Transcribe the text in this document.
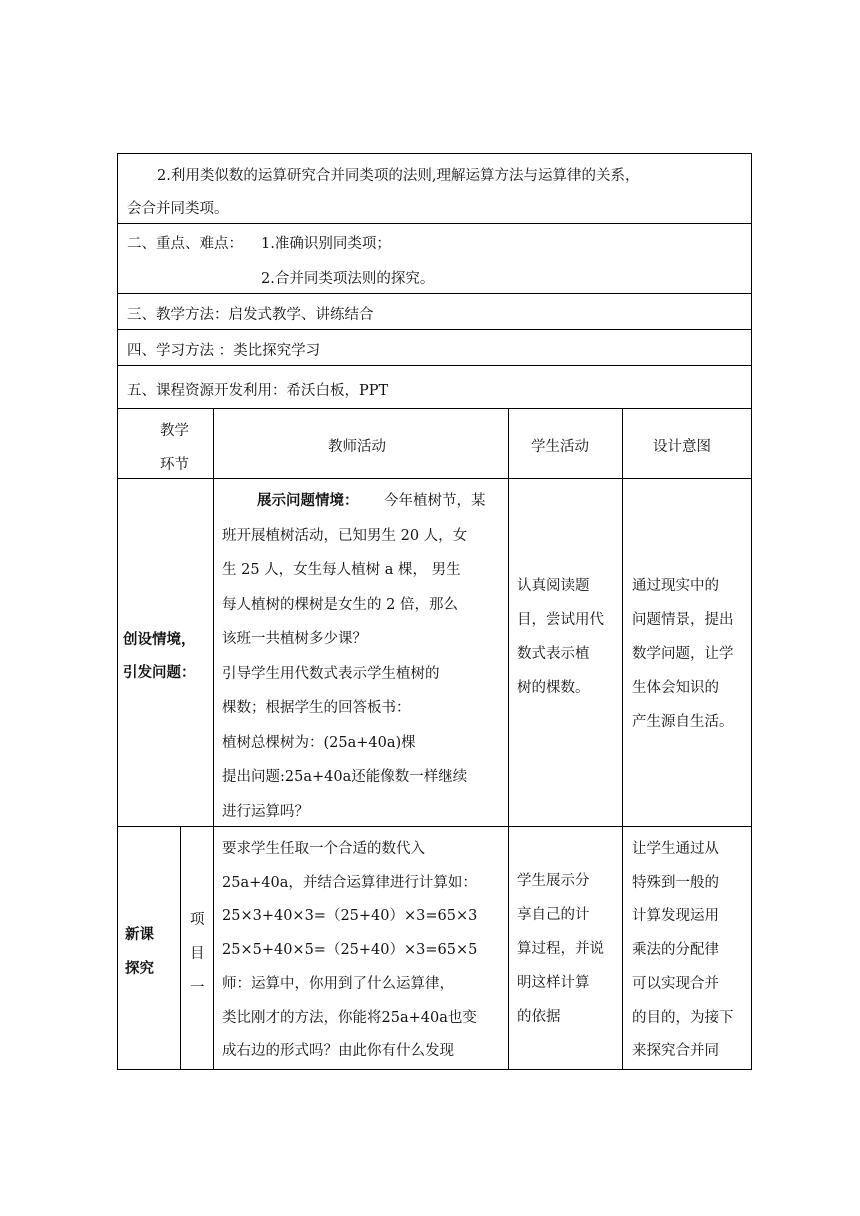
2.利用类似数的运算研究合并同类项的法则,理解运算方法与运算律的关系，
会合并同类项。
二、重点、难点： 1.准确识别同类项；
2.合并同类项法则的探究。
三、教学方法：启发式教学、讲练结合
四、学习方法 ：类比探究学习
五、课程资源开发利用：希沃白板，PPT
教学
环节
教师活动	学生活动	设计意图
创设情境，
引发问题：
展示问题情境： 今年植树节，某
班开展植树活动，已知男生 20 人，女
生 25 人，女生每人植树 a 棵， 男生
每人植树的棵树是女生的 2 倍，那么
该班一共植树多少课？
引导学生用代数式表示学生植树的
棵数；根据学生的回答板书：
植树总棵树为：(25a+40a)棵
提出问题:25a+40a还能像数一样继续
进行运算吗？
认真阅读题
目，尝试用代
数式表示植
树的棵数。
通过现实中的
问题情景，提出
数学问题，让学
生体会知识的
产生源自生活。
新课
探究
项
目
一
要求学生任取一个合适的数代入
25a+40a，并结合运算律进行计算如：
25×3+40×3=（25+40）×3=65×3
25×5+40×5=（25+40）×3=65×5
师：运算中，你用到了什么运算律，
类比刚才的方法，你能将25a+40a也变
成右边的形式吗？由此你有什么发现
学生展示分
享自己的计
算过程，并说
明这样计算
的依据
让学生通过从
特殊到一般的
计算发现运用
乘法的分配律
可以实现合并
的目的，为接下
来探究合并同
